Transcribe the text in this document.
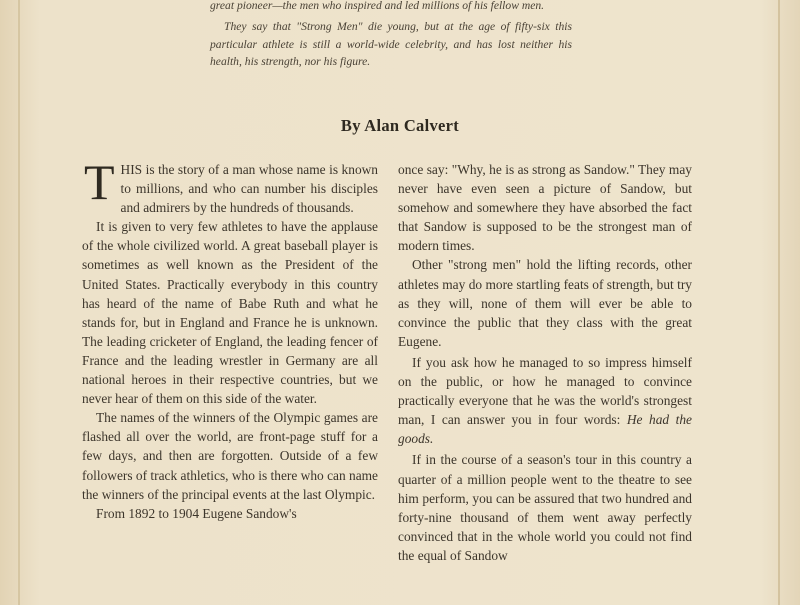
great pioneer—the men who inspired and led millions of his fellow men.

They say that "Strong Men" die young, but at the age of fifty-six this particular athlete is still a world-wide celebrity, and has lost neither his health, his strength, nor his figure.

By Alan Calvert

THIS is the story of a man whose name is known to millions, and who can number his disciples and admirers by the hundreds of thousands.

It is given to very few athletes to have the applause of the whole civilized world. A great baseball player is sometimes as well known as the President of the United States. Practically everybody in this country has heard of the name of Babe Ruth and what he stands for, but in England and France he is unknown. The leading cricketer of England, the leading fencer of France and the leading wrestler in Germany are all national heroes in their respective countries, but we never hear of them on this side of the water.

The names of the winners of the Olympic games are flashed all over the world, are front-page stuff for a few days, and then are forgotten. Outside of a few followers of track athletics, who is there who can name the winners of the principal events at the last Olympic.

From 1892 to 1904 Eugene Sandow's

once say: "Why, he is as strong as Sandow." They may never have even seen a picture of Sandow, but somehow and somewhere they have absorbed the fact that Sandow is supposed to be the strongest man of modern times.

Other "strong men" hold the lifting records, other athletes may do more startling feats of strength, but try as they will, none of them will ever be able to convince the public that they class with the great Eugene.

If you ask how he managed to so impress himself on the public, or how he managed to convince practically everyone that he was the world's strongest man, I can answer you in four words: He had the goods.

If in the course of a season's tour in this country a quarter of a million people went to the theatre to see him perform, you can be assured that two hundred and forty-nine thousand of them went away perfectly convinced that in the whole world you could not find the equal of Sandow
